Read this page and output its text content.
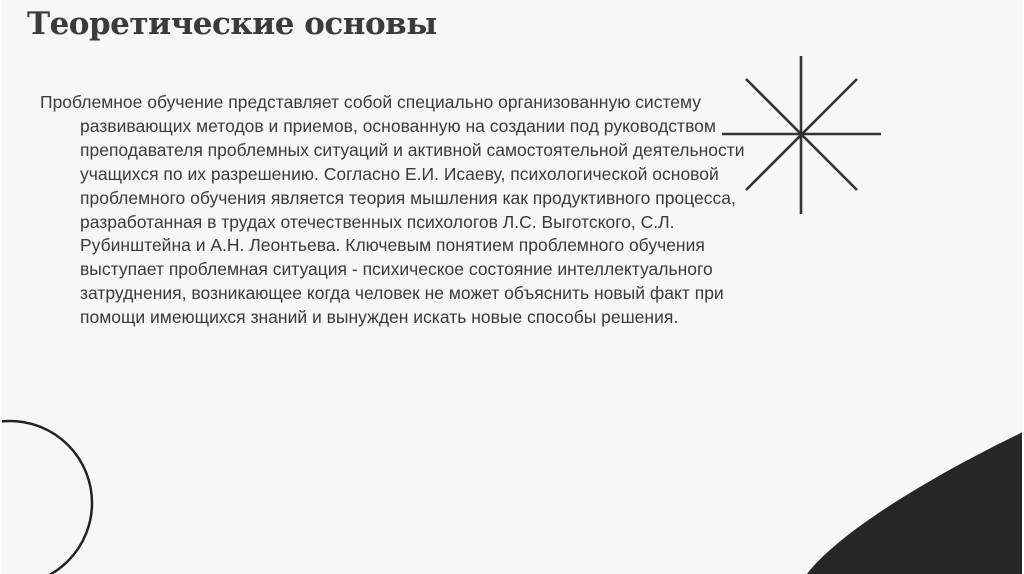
Теоретические основы

Проблемное обучение представляет собой специально организованную систему развивающих методов и приемов, основанную на создании под руководством преподавателя проблемных ситуаций и активной самостоятельной деятельности учащихся по их разрешению. Согласно Е.И. Исаеву, психологической основой проблемного обучения является теория мышления как продуктивного процесса, разработанная в трудах отечественных психологов Л.С. Выготского, С.Л. Рубинштейна и А.Н. Леонтьева. Ключевым понятием проблемного обучения выступает проблемная ситуация - психическое состояние интеллектуального затруднения, возникающее когда человек не может объяснить новый факт при помощи имеющихся знаний и вынужден искать новые способы решения.
